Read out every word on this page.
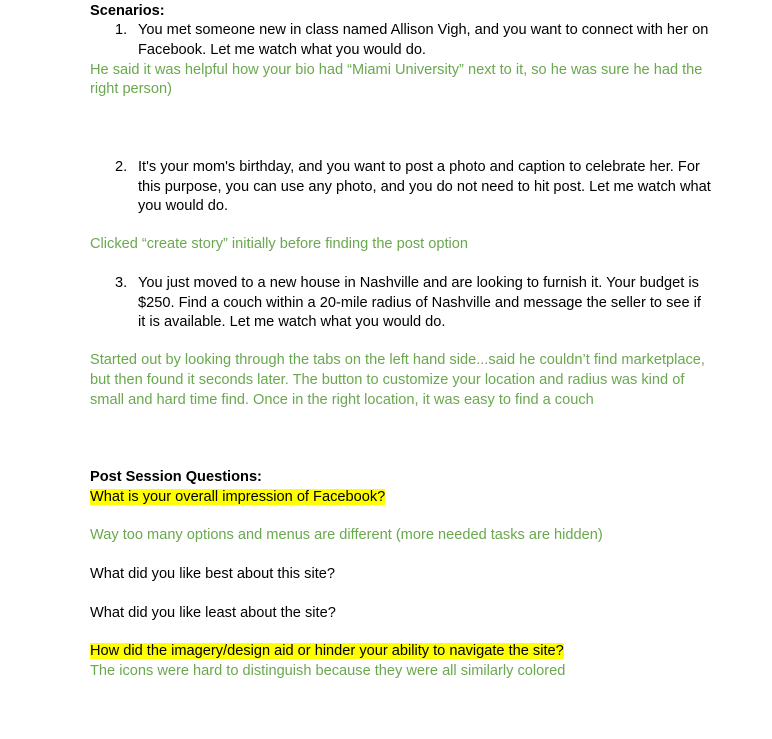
Scenarios:
1. You met someone new in class named Allison Vigh, and you want to connect with her on
Facebook. Let me watch what you would do.
He said it was helpful how your bio had “Miami University” next to it, so he was sure he had the
right person)
2. It's your mom's birthday, and you want to post a photo and caption to celebrate her. For
this purpose, you can use any photo, and you do not need to hit post. Let me watch what
you would do.
Clicked “create story” initially before finding the post option
3. You just moved to a new house in Nashville and are looking to furnish it. Your budget is
$250. Find a couch within a 20-mile radius of Nashville and message the seller to see if
it is available. Let me watch what you would do.
Started out by looking through the tabs on the left hand side...said he couldn’t find marketplace,
but then found it seconds later. The button to customize your location and radius was kind of
small and hard time find. Once in the right location, it was easy to find a couch
Post Session Questions:
What is your overall impression of Facebook?
Way too many options and menus are different (more needed tasks are hidden)
What did you like best about this site?
What did you like least about the site?
How did the imagery/design aid or hinder your ability to navigate the site?
The icons were hard to distinguish because they were all similarly colored
